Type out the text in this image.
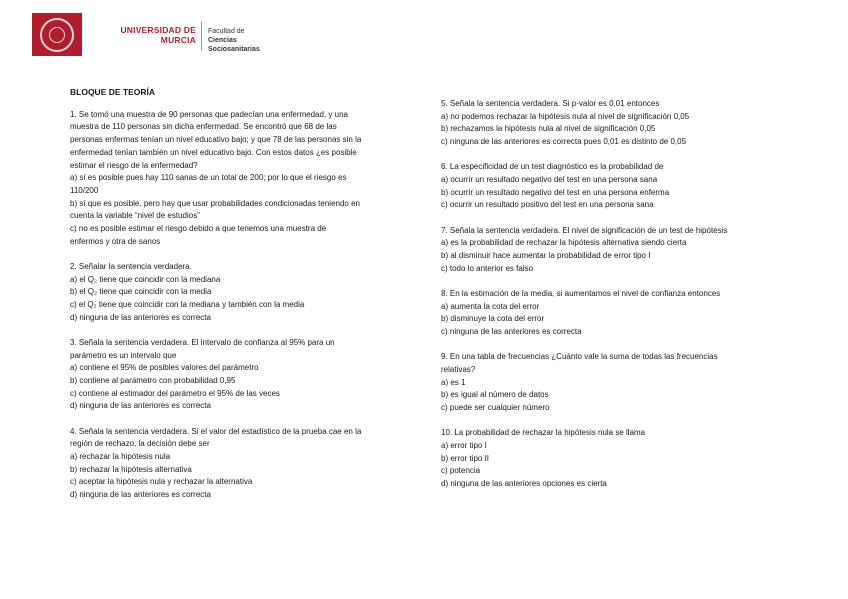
UNIVERSIDAD DE
MURCIA
Facultad de
Ciencias Sociosanitarias
BLOQUE DE TEORÍA

1. Se tomó una muestra de 90 personas que padecían una enfermedad, y una

muestra de 110 personas sin dicha enfermedad. Se encontró que 68 de las

personas enfermas tenían un nivel educativo bajo; y que 78 de las personas sin la

enfermedad tenían también un nivel educativo bajo. Con estos datos ¿es posible

estimar el riesgo de la enfermedad?

a) sí es posible pues hay 110 sanas de un total de 200; por lo que el riesgo es

110/200

b) sí que es posible, pero hay que usar probabilidades condicionadas teniendo en

cuenta la variable “nivel de estudios”

c) no es posible estimar el riesgo debido a que tenemos una muestra de

enfermos y otra de sanos

2. Señalar la sentencia verdadera.

a) el Q₂ tiene que coincidir con la mediana

b) el Q₂ tiene que coincidir con la media

c) el Q₂ tiene que coincidir con la mediana y también con la media

d) ninguna de las anteriores es correcta

3. Señala la sentencia verdadera. El intervalo de confianza al 95% para un

parámetro es un intervalo que

a) contiene el 95% de posibles valores del parámetro

b) contiene al parámetro con probabilidad 0,95

c) contiene al estimador del parámetro el 95% de las veces

d) ninguna de las anteriores es correcta

4. Señala la sentencia verdadera. Si el valor del estadístico de la prueba cae en la

región de rechazo, la decisión debe ser

a) rechazar la hipótesis nula

b) rechazar la hipótesis alternativa

c) aceptar la hipótesis nula y rechazar la alternativa

d) ninguna de las anteriores es correcta

5. Señala la sentencia verdadera. Si p-valor es 0,01 entonces

a) no podemos rechazar la hipótesis nula al nivel de significación 0,05

b) rechazamos la hipótesis nula al nivel de significación 0,05

c) ninguna de las anteriores es correcta pues 0,01 es distinto de 0,05

6. La especificidad de un test diagnóstico es la probabilidad de

a) ocurrir un resultado negativo del test en una persona sana

b) ocurrir un resultado negativo del test en una persona enferma

c) ocurrir un resultado positivo del test en una persona sana

7. Señala la sentencia verdadera. El nivel de significación de un test de hipótesis

a) es la probabilidad de rechazar la hipótesis alternativa siendo cierta

b) al disminuir hace aumentar la probabilidad de error tipo I

c) todo lo anterior es falso

8. En la estimación de la media, si aumentamos el nivel de confianza entonces

a) aumenta la cota del error

b) disminuye la cota del error

c) ninguna de las anteriores es correcta

9. En una tabla de frecuencias ¿Cuánto vale la suma de todas las frecuencias

relativas?

a) es 1

b) es igual al número de datos

c) puede ser cualquier número

10. La probabilidad de rechazar la hipótesis nula se llama

a) error tipo I

b) error tipo II

c) potencia

d) ninguna de las anteriores opciones es cierta
